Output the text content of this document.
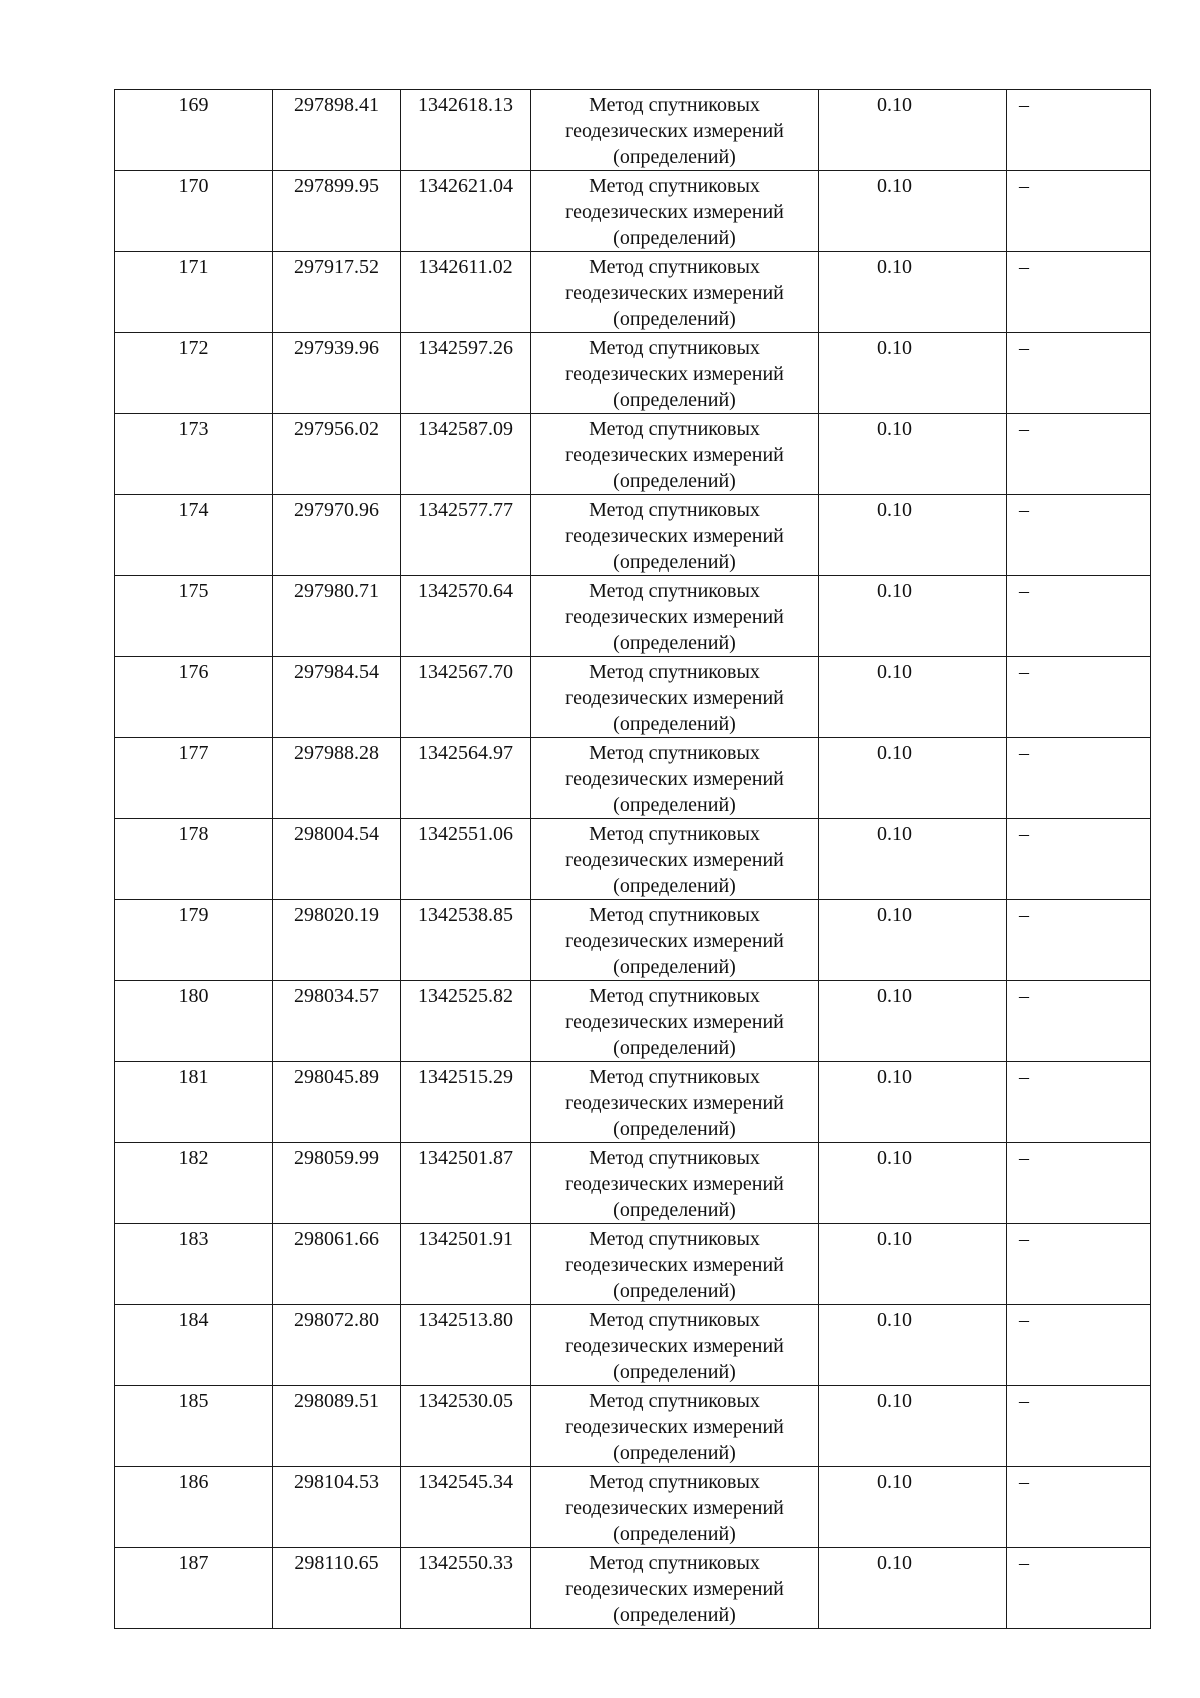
169	297898.41	1342618.13	Метод спутниковых геодезических измерений (определений)	0.10	–
170	297899.95	1342621.04	Метод спутниковых геодезических измерений (определений)	0.10	–
171	297917.52	1342611.02	Метод спутниковых геодезических измерений (определений)	0.10	–
172	297939.96	1342597.26	Метод спутниковых геодезических измерений (определений)	0.10	–
173	297956.02	1342587.09	Метод спутниковых геодезических измерений (определений)	0.10	–
174	297970.96	1342577.77	Метод спутниковых геодезических измерений (определений)	0.10	–
175	297980.71	1342570.64	Метод спутниковых геодезических измерений (определений)	0.10	–
176	297984.54	1342567.70	Метод спутниковых геодезических измерений (определений)	0.10	–
177	297988.28	1342564.97	Метод спутниковых геодезических измерений (определений)	0.10	–
178	298004.54	1342551.06	Метод спутниковых геодезических измерений (определений)	0.10	–
179	298020.19	1342538.85	Метод спутниковых геодезических измерений (определений)	0.10	–
180	298034.57	1342525.82	Метод спутниковых геодезических измерений (определений)	0.10	–
181	298045.89	1342515.29	Метод спутниковых геодезических измерений (определений)	0.10	–
182	298059.99	1342501.87	Метод спутниковых геодезических измерений (определений)	0.10	–
183	298061.66	1342501.91	Метод спутниковых геодезических измерений (определений)	0.10	–
184	298072.80	1342513.80	Метод спутниковых геодезических измерений (определений)	0.10	–
185	298089.51	1342530.05	Метод спутниковых геодезических измерений (определений)	0.10	–
186	298104.53	1342545.34	Метод спутниковых геодезических измерений (определений)	0.10	–
187	298110.65	1342550.33	Метод спутниковых геодезических измерений (определений)	0.10	–
